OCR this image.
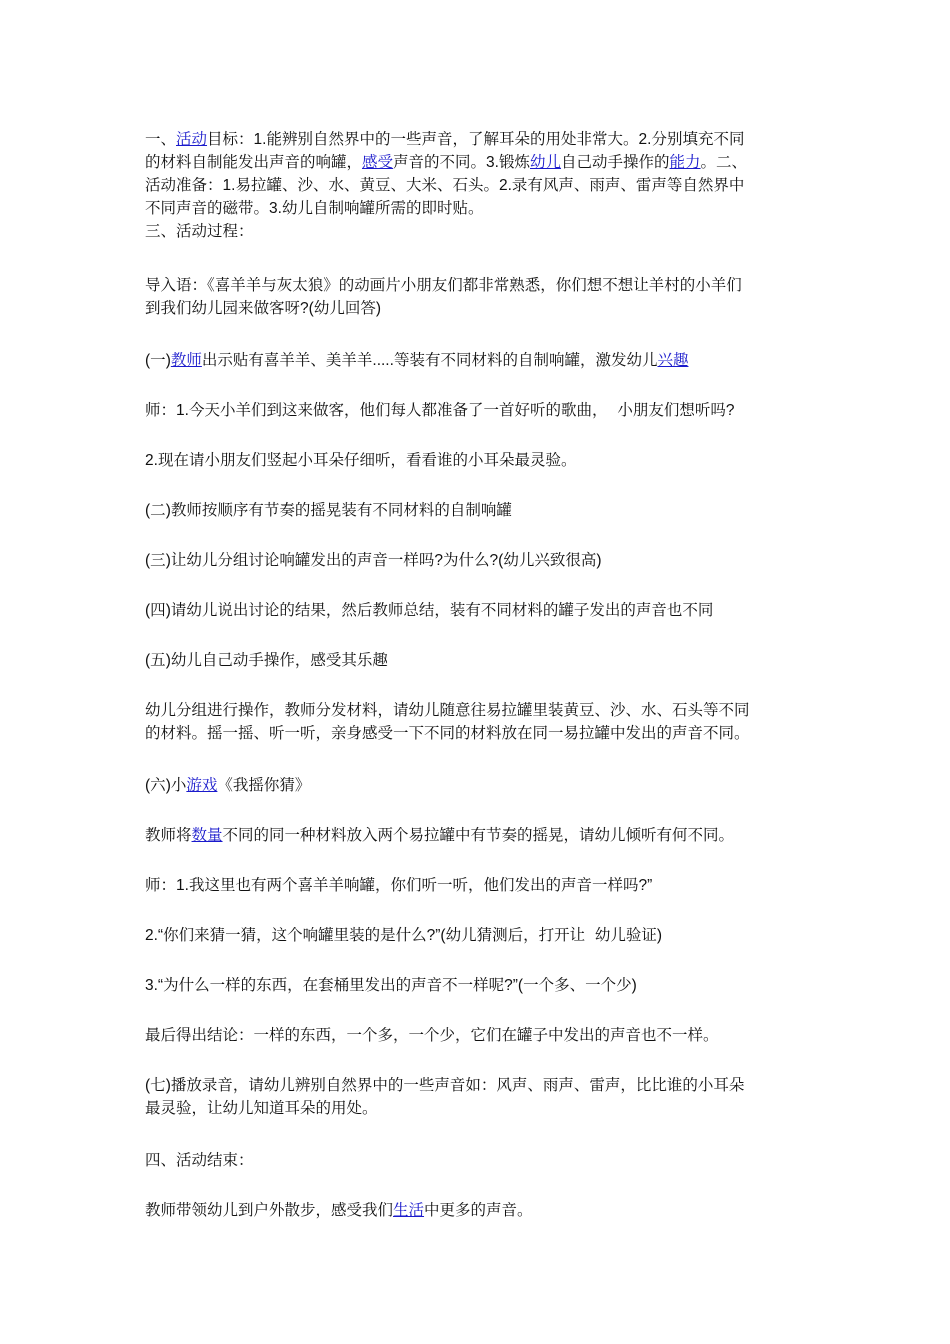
一、活动目标：1.能辨别自然界中的一些声音，了解耳朵的用处非常大。2.分别填充不同
的材料自制能发出声音的响罐，感受声音的不同。3.锻炼幼儿自己动手操作的能力。二、
活动准备：1.易拉罐、沙、水、黄豆、大米、石头。2.录有风声、雨声、雷声等自然界中
不同声音的磁带。3.幼儿自制响罐所需的即时贴。
三、活动过程：
导入语：《喜羊羊与灰太狼》的动画片小朋友们都非常熟悉，你们想不想让羊村的小羊们
到我们幼儿园来做客呀?(幼儿回答)
(一)教师出示贴有喜羊羊、美羊羊.....等装有不同材料的自制响罐，激发幼儿兴趣
师：1.今天小羊们到这来做客，他们每人都准备了一首好听的歌曲， 小朋友们想听吗?
2.现在请小朋友们竖起小耳朵仔细听，看看谁的小耳朵最灵验。
(二)教师按顺序有节奏的摇晃装有不同材料的自制响罐
(三)让幼儿分组讨论响罐发出的声音一样吗?为什么?(幼儿兴致很高)
(四)请幼儿说出讨论的结果，然后教师总结，装有不同材料的罐子发出的声音也不同
(五)幼儿自己动手操作，感受其乐趣
幼儿分组进行操作，教师分发材料，请幼儿随意往易拉罐里装黄豆、沙、水、石头等不同
的材料。摇一摇、听一听，亲身感受一下不同的材料放在同一易拉罐中发出的声音不同。
(六)小游戏《我摇你猜》
教师将数量不同的同一种材料放入两个易拉罐中有节奏的摇晃，请幼儿倾听有何不同。
师：1.我这里也有两个喜羊羊响罐，你们听一听，他们发出的声音一样吗?”
2.“你们来猜一猜，这个响罐里装的是什么?”(幼儿猜测后，打开让  幼儿验证)
3.“为什么一样的东西，在套桶里发出的声音不一样呢?”(一个多、一个少)
最后得出结论：一样的东西，一个多，一个少，它们在罐子中发出的声音也不一样。
(七)播放录音，请幼儿辨别自然界中的一些声音如：风声、雨声、雷声，比比谁的小耳朵
最灵验，让幼儿知道耳朵的用处。
四、活动结束：
教师带领幼儿到户外散步，感受我们生活中更多的声音。
